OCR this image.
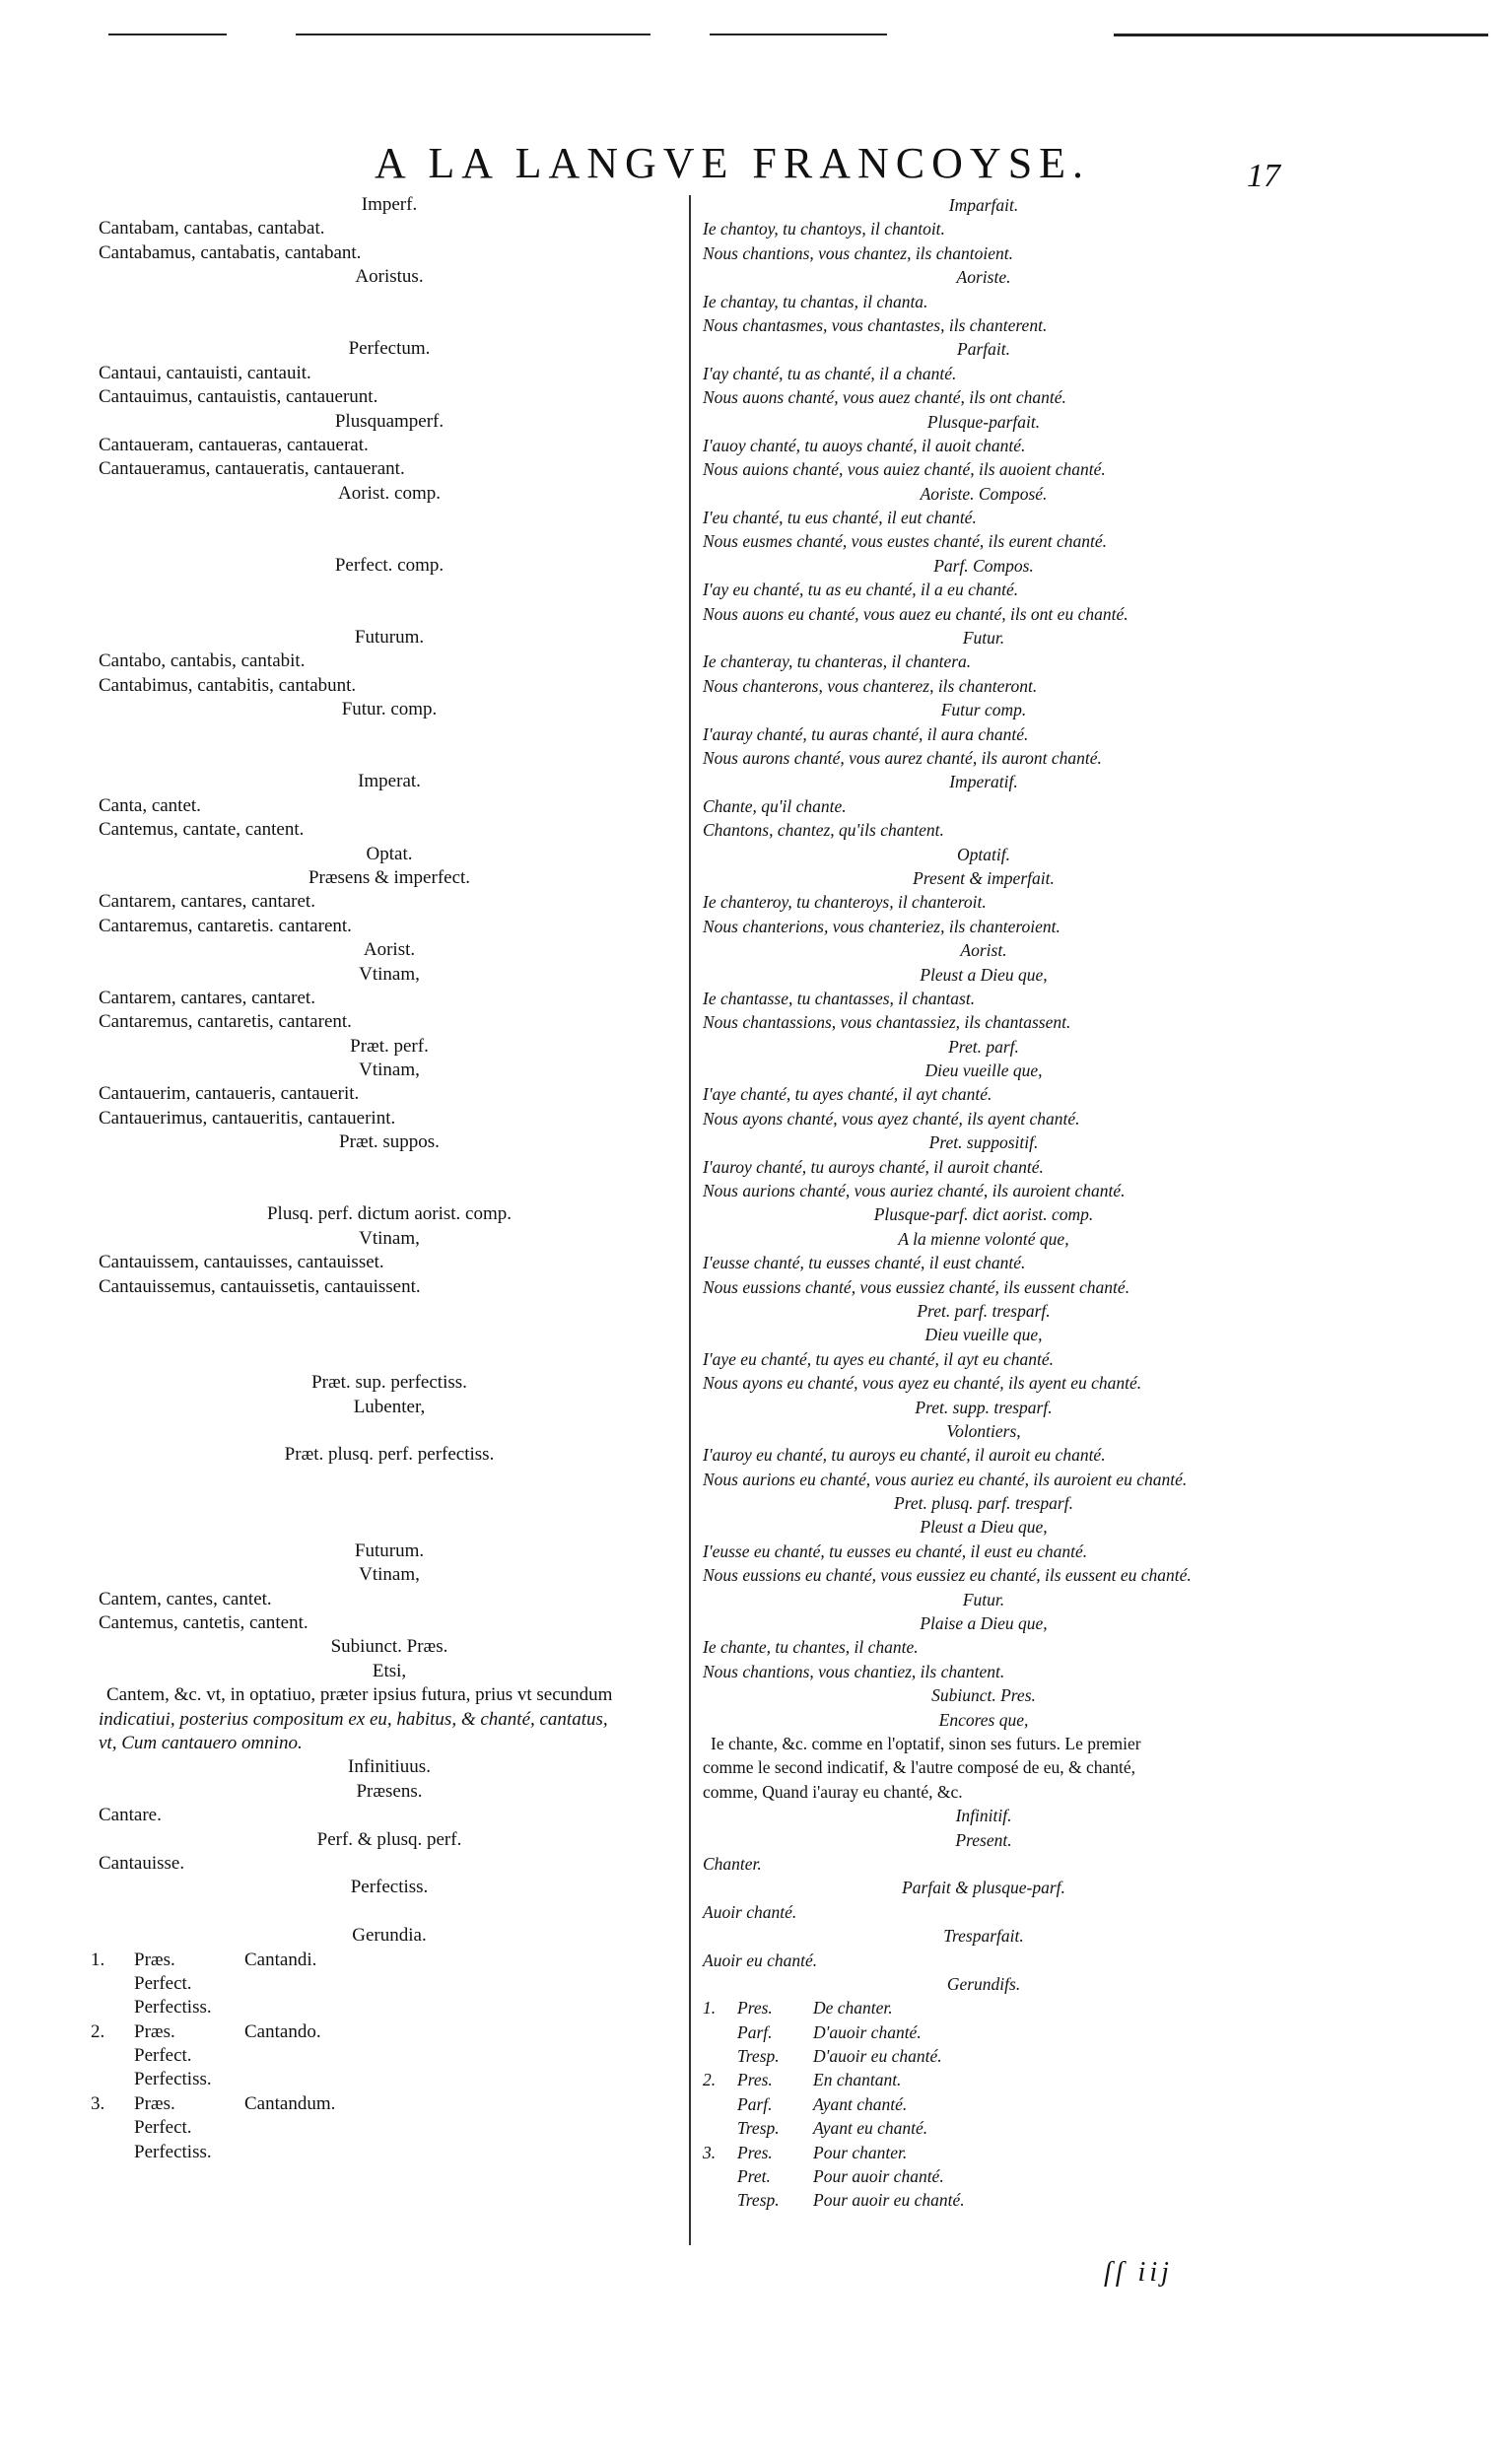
A LA LANGVE FRANCOYSE.	17
Imperf.
Cantabam, cantabas, cantabat.
Cantabamus, cantabatis, cantabant.
Aoristus.
Perfectum.
Cantaui, cantauisti, cantauit.
Cantauimus, cantauistis, cantauerunt.
Plusquamperf.
Cantaueram, cantaueras, cantauerat.
Cantaueramus, cantaueratis, cantauerant.
Aorist. comp.
Perfect. comp.
Futurum.
Cantabo, cantabis, cantabit.
Cantabimus, cantabitis, cantabunt.
Futur. comp.
Imperat.
Canta, cantet.
Cantemus, cantate, cantent.
Optat.
Præsens & imperfect.
Cantarem, cantares, cantaret.
Cantaremus, cantaretis. cantarent.
Aorist.
Vtinam,
Cantarem, cantares, cantaret.
Cantaremus, cantaretis, cantarent.
Præt. perf.
Vtinam,
Cantauerim, cantaueris, cantauerit.
Cantauerimus, cantaueritis, cantauerint.
Præt. suppos.
Plusq. perf. dictum aorist. comp.
Vtinam,
Cantauissem, cantauisses, cantauisset.
Cantauissemus, cantauissetis, cantauissent.
Præt. sup. perfectiss.
Lubenter,
Præt. plusq. perf. perfectiss.
Futurum.
Vtinam,
Cantem, cantes, cantet.
Cantemus, cantetis, cantent.
Subiunct. Præs.
Etsi,
Cantem, &c. vt, in optatiuo, præter ipsius futura, prius vt secundum
indicatiui, posterius compositum ex eu, habitus, & chanté, cantatus,
vt, Cum cantauero omnino.
Infinitiuus.
Præsens.
Cantare.
Perf. & plusq. perf.
Cantauisse.
Perfectiss.
Gerundia.
1. Præs.	Cantandi.
Perfect.
Perfectiss.
2. Præs.	Cantando.
Perfect.
Perfectiss.
3. Præs.	Cantandum.
Perfect.
Perfectiss.
Imparfait.
Ie chantoy, tu chantoys, il chantoit.
Nous chantions, vous chantez, ils chantoient.
Aoriste.
Ie chantay, tu chantas, il chanta.
Nous chantasmes, vous chantastes, ils chanterent.
Parfait.
I'ay chanté, tu as chanté, il a chanté.
Nous auons chanté, vous auez chanté, ils ont chanté.
Plusque-parfait.
I'auoy chanté, tu auoys chanté, il auoit chanté.
Nous auions chanté, vous auiez chanté, ils auoient chanté.
Aoriste. Composé.
I'eu chanté, tu eus chanté, il eut chanté.
Nous eusmes chanté, vous eustes chanté, ils eurent chanté.
Parf. Compos.
I'ay eu chanté, tu as eu chanté, il a eu chanté.
Nous auons eu chanté, vous auez eu chanté, ils ont eu chanté.
Futur.
Ie chanteray, tu chanteras, il chantera.
Nous chanterons, vous chanterez, ils chanteront.
Futur comp.
I'auray chanté, tu auras chanté, il aura chanté.
Nous aurons chanté, vous aurez chanté, ils auront chanté.
Imperatif.
Chante, qu'il chante.
Chantons, chantez, qu'ils chantent.
Optatif.
Present & imperfait.
Ie chanteroy, tu chanteroys, il chanteroit.
Nous chanterions, vous chanteriez, ils chanteroient.
Aorist.
Pleust a Dieu que,
Ie chantasse, tu chantasses, il chantast.
Nous chantassions, vous chantassiez, ils chantassent.
Pret. parf.
Dieu vueille que,
I'aye chanté, tu ayes chanté, il ayt chanté.
Nous ayons chanté, vous ayez chanté, ils ayent chanté.
Pret. suppositif.
I'auroy chanté, tu auroys chanté, il auroit chanté.
Nous aurions chanté, vous auriez chanté, ils auroient chanté.
Plusque-parf. dict aorist. comp.
A la mienne volonté que,
I'eusse chanté, tu eusses chanté, il eust chanté.
Nous eussions chanté, vous eussiez chanté, ils eussent chanté.
Pret. parf. tresparf.
Dieu vueille que,
I'aye eu chanté, tu ayes eu chanté, il ayt eu chanté.
Nous ayons eu chanté, vous ayez eu chanté, ils ayent eu chanté.
Pret. supp. tresparf.
Volontiers,
I'auroy eu chanté, tu auroys eu chanté, il auroit eu chanté.
Nous aurions eu chanté, vous auriez eu chanté, ils auroient eu chanté.
Pret. plusq. parf. tresparf.
Pleust a Dieu que,
I'eusse eu chanté, tu eusses eu chanté, il eust eu chanté.
Nous eussions eu chanté, vous eussiez eu chanté, ils eussent eu chanté.
Futur.
Plaise a Dieu que,
Ie chante, tu chantes, il chante.
Nous chantions, vous chantiez, ils chantent.
Subiunct. Pres.
Encores que,
Ie chante, &c. comme en l'optatif, sinon ses futurs. Le premier
comme le second indicatif, & l'autre composé de eu, & chanté,
comme, Quand i'auray eu chanté, &c.
Infinitif.
Present.
Chanter.
Parfait & plusque-parf.
Auoir chanté.
Tresparfait.
Auoir eu chanté.
Gerundifs.
1. Pres. De chanter.
Parf. D'auoir chanté.
Tresp. D'auoir eu chanté.
2. Pres. En chantant.
Parf. Ayant chanté.
Tresp. Ayant eu chanté.
3. Pres. Pour chanter.
Pret. Pour auoir chanté.
Tresp. Pour auoir eu chanté.
ſſ iij
